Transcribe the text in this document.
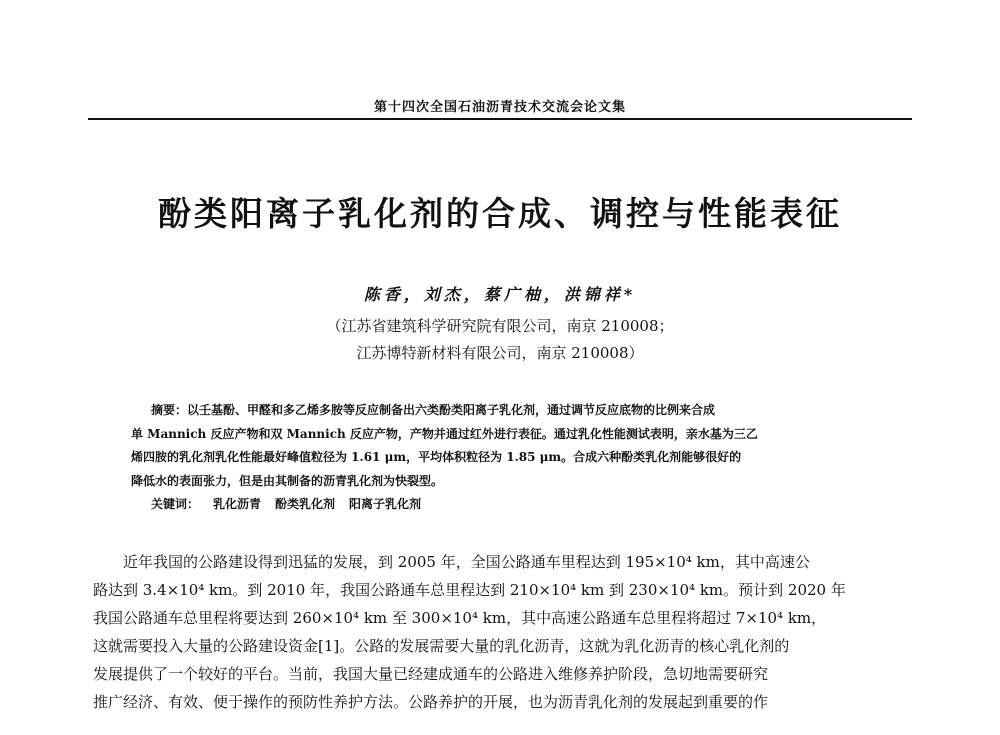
第十四次全国石油沥青技术交流会论文集
酚类阳离子乳化剂的合成、调控与性能表征
陈香，刘杰，蔡广柚，洪锦祥*
（江苏省建筑科学研究院有限公司，南京 210008；
江苏博特新材料有限公司，南京 210008）
摘要：以壬基酚、甲醛和多乙烯多胺等反应制备出六类酚类阳离子乳化剂，通过调节反应底物的比例来合成
单 Mannich 反应产物和双 Mannich 反应产物，产物并通过红外进行表征。通过乳化性能测试表明，亲水基为三乙
烯四胺的乳化剂乳化性能最好峰值粒径为 1.61 μm，平均体积粒径为 1.85 μm。合成六种酚类乳化剂能够很好的
降低水的表面张力，但是由其制备的沥青乳化剂为快裂型。
关键词： 乳化沥青 酚类乳化剂 阳离子乳化剂
近年我国的公路建设得到迅猛的发展，到 2005 年，全国公路通车里程达到 195×10⁴ km，其中高速公
路达到 3.4×10⁴ km。到 2010 年，我国公路通车总里程达到 210×10⁴ km 到 230×10⁴ km。预计到 2020 年
我国公路通车总里程将要达到 260×10⁴ km 至 300×10⁴ km，其中高速公路通车总里程将超过 7×10⁴ km，
这就需要投入大量的公路建设资金[1]。公路的发展需要大量的乳化沥青，这就为乳化沥青的核心乳化剂的
发展提供了一个较好的平台。当前，我国大量已经建成通车的公路进入维修养护阶段，急切地需要研究
推广经济、有效、便于操作的预防性养护方法。公路养护的开展，也为沥青乳化剂的发展起到重要的作
